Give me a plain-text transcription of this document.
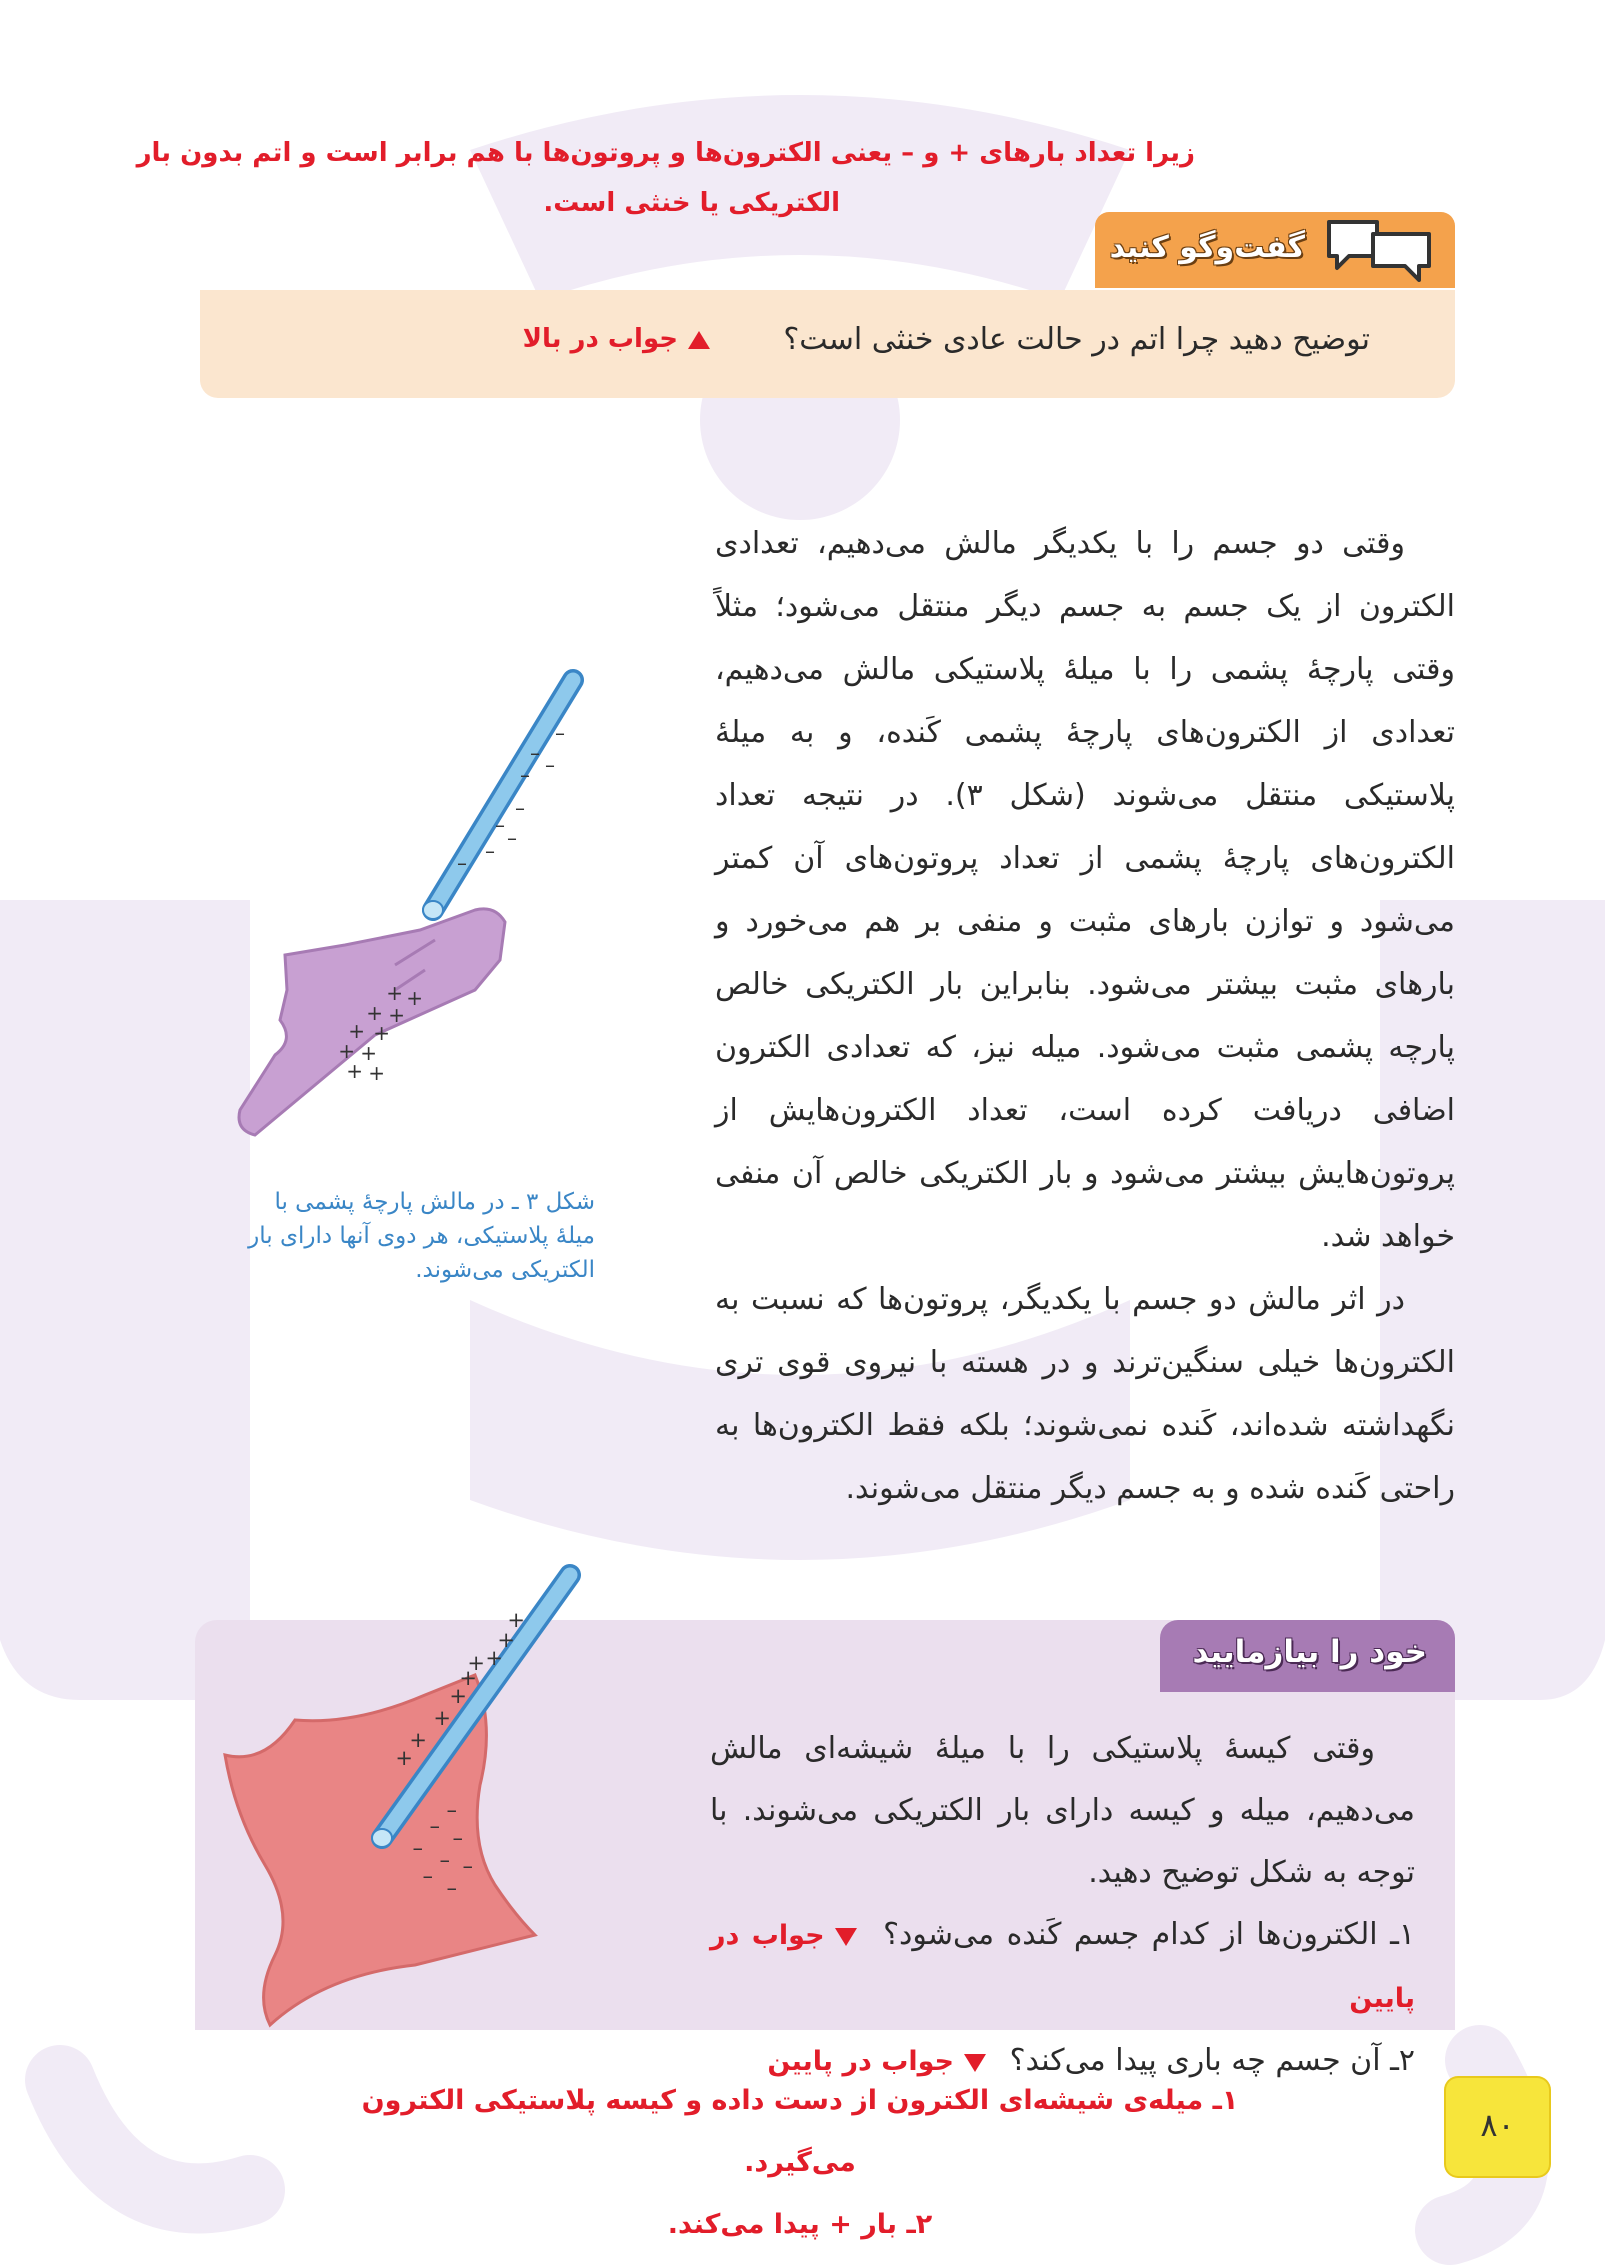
زیرا تعداد بارهای + و – یعنی الکترون‌ها و پروتون‌ها با هم برابر است و اتم بدون بار

الکتریکی یا خنثی است.

گفت‌وگو کنید
توضیح دهید چرا اتم در حالت عادی خنثی است؟
جواب در بالا

وقتی دو جسم را با یکدیگر مالش می‌دهیم، تعدادی الکترون از یک جسم به جسم دیگر منتقل می‌شود؛ مثلاً وقتی پارچهٔ پشمی را با میلهٔ پلاستیکی مالش می‌دهیم، تعدادی از الکترون‌های پارچهٔ پشمی کَنده، و به میلهٔ پلاستیکی منتقل می‌شوند (شکل ۳). در نتیجه تعداد الکترون‌های پارچهٔ پشمی از تعداد پروتون‌های آن کمتر می‌شود و توازن بارهای مثبت و منفی بر هم می‌خورد و بارهای مثبت بیشتر می‌شود. بنابراین بار الکتریکی خالص پارچه پشمی مثبت می‌شود. میله نیز، که تعدادی الکترون اضافی دریافت کرده است، تعداد الکترون‌هایش از پروتون‌هایش بیشتر می‌شود و بار الکتریکی خالص آن منفی خواهد شد.

در اثر مالش دو جسم با یکدیگر، پروتون‌ها که نسبت به الکترون‌ها خیلی سنگین‌ترند و در هسته با نیروی قوی تری نگهداشته شده‌اند، کَنده نمی‌شوند؛ بلکه فقط الکترون‌ها به راحتی کَنده شده و به جسم دیگر منتقل می‌شوند.

+ +
+ +
+ +
+ +
+ +
–
– –
–
–
–
–
–
–
شکل ۳ ـ در مالش پارچهٔ پشمی با میلهٔ پلاستیکی، هر دوی آنها دارای بار الکتریکی می‌شوند.
خود را بیازمایید
+
+
+
+
+
+
+
+
+
–
– –
– – –
– –

وقتی کیسهٔ پلاستیکی را با میلهٔ شیشه‌ای مالش می‌دهیم، میله و کیسه دارای بار الکتریکی می‌شوند. با توجه به شکل توضیح دهید.

۱ـ الکترون‌ها از کدام جسم کَنده می‌شود؟ جواب در پایین
۲ـ آن جسم چه باری پیدا می‌کند؟ جواب در پایین

۱ـ میله‌ی شیشه‌ای الکترون از دست داده و کیسه پلاستیکی الکترون می‌گیرد.

۲ـ بار + پیدا می‌کند.

۸۰
